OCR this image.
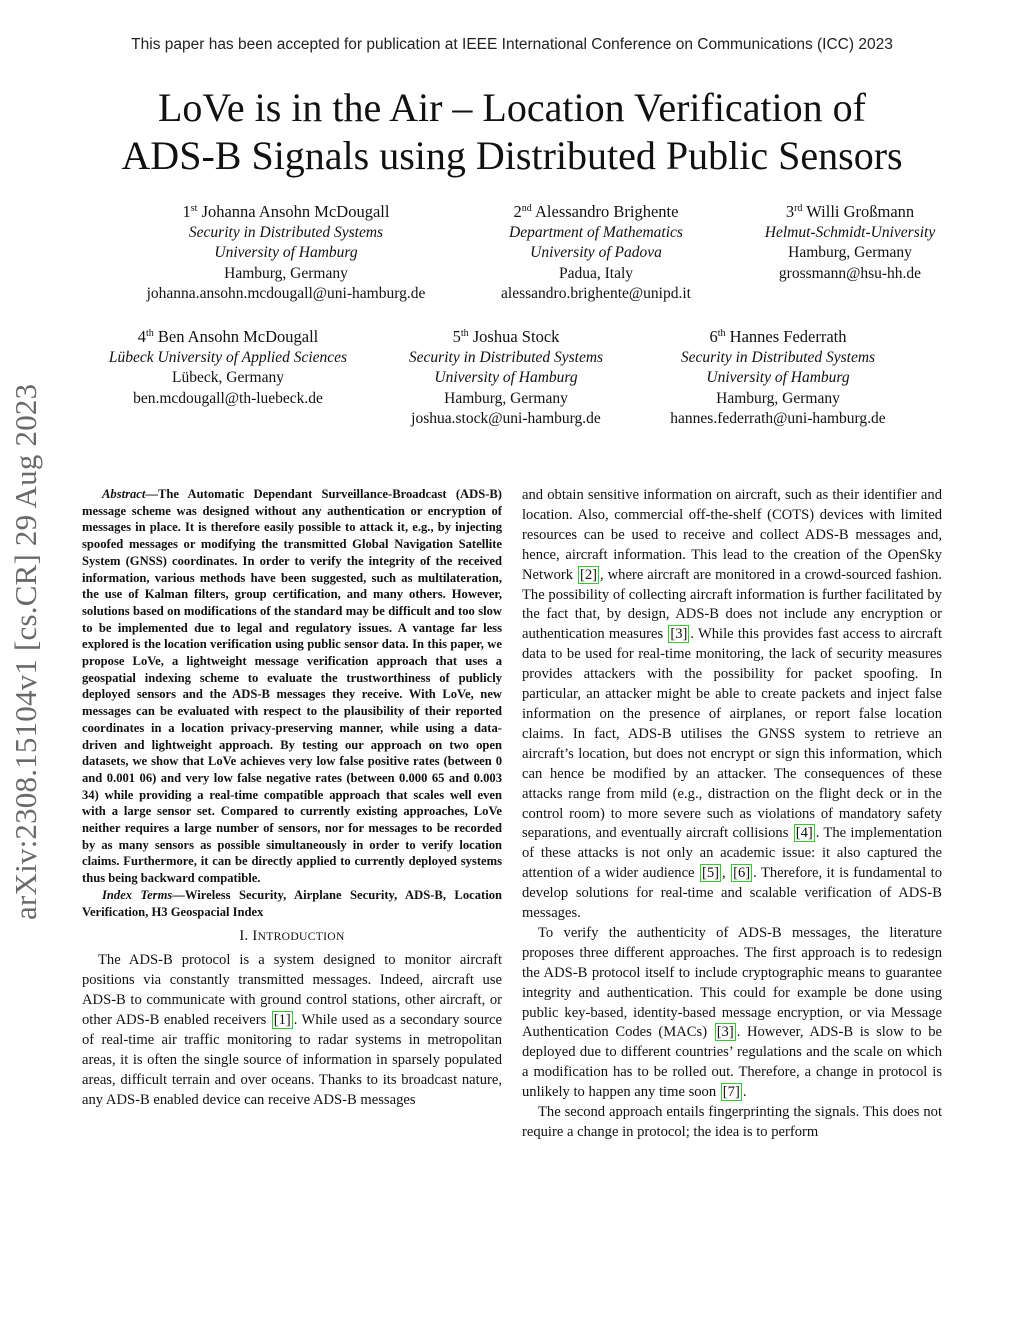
This paper has been accepted for publication at IEEE International Conference on Communications (ICC) 2023
arXiv:2308.15104v1 [cs.CR] 29 Aug 2023
LoVe is in the Air – Location Verification of
ADS-B Signals using Distributed Public Sensors
1st Johanna Ansohn McDougall
Security in Distributed Systems
University of Hamburg
Hamburg, Germany
johanna.ansohn.mcdougall@uni-hamburg.de
2nd Alessandro Brighente
Department of Mathematics
University of Padova
Padua, Italy
alessandro.brighente@unipd.it
3rd Willi Großmann
Helmut-Schmidt-University
Hamburg, Germany
grossmann@hsu-hh.de
4th Ben Ansohn McDougall
Lübeck University of Applied Sciences
Lübeck, Germany
ben.mcdougall@th-luebeck.de
5th Joshua Stock
Security in Distributed Systems
University of Hamburg
Hamburg, Germany
joshua.stock@uni-hamburg.de
6th Hannes Federrath
Security in Distributed Systems
University of Hamburg
Hamburg, Germany
hannes.federrath@uni-hamburg.de

Abstract—The Automatic Dependant Surveillance-Broadcast (ADS-B) message scheme was designed without any authentication or encryption of messages in place. It is therefore easily possible to attack it, e.g., by injecting spoofed messages or modifying the transmitted Global Navigation Satellite System (GNSS) coordinates. In order to verify the integrity of the received information, various methods have been suggested, such as multilateration, the use of Kalman filters, group certification, and many others. However, solutions based on modifications of the standard may be difficult and too slow to be implemented due to legal and regulatory issues. A vantage far less explored is the location verification using public sensor data. In this paper, we propose LoVe, a lightweight message verification approach that uses a geospatial indexing scheme to evaluate the trustworthiness of publicly deployed sensors and the ADS-B messages they receive. With LoVe, new messages can be evaluated with respect to the plausibility of their reported coordinates in a location privacy-preserving manner, while using a data-driven and lightweight approach. By testing our approach on two open datasets, we show that LoVe achieves very low false positive rates (between 0 and 0.001 06) and very low false negative rates (between 0.000 65 and 0.003 34) while providing a real-time compatible approach that scales well even with a large sensor set. Compared to currently existing approaches, LoVe neither requires a large number of sensors, nor for messages to be recorded by as many sensors as possible simultaneously in order to verify location claims. Furthermore, it can be directly applied to currently deployed systems thus being backward compatible.

Index Terms—Wireless Security, Airplane Security, ADS-B, Location Verification, H3 Geospacial Index

I. INTRODUCTION

The ADS-B protocol is a system designed to monitor aircraft positions via constantly transmitted messages. Indeed, aircraft use ADS-B to communicate with ground control stations, other aircraft, or other ADS-B enabled receivers [1] . While used as a secondary source of real-time air traffic monitoring to radar systems in metropolitan areas, it is often the single source of information in sparsely populated areas, difficult terrain and over oceans. Thanks to its broadcast nature, any ADS-B enabled device can receive ADS-B messages

and obtain sensitive information on aircraft, such as their identifier and location. Also, commercial off-the-shelf (COTS) devices with limited resources can be used to receive and collect ADS-B messages and, hence, aircraft information. This lead to the creation of the OpenSky Network [2] , where aircraft are monitored in a crowd-sourced fashion. The possibility of collecting aircraft information is further facilitated by the fact that, by design, ADS-B does not include any encryption or authentication measures [3] . While this provides fast access to aircraft data to be used for real-time monitoring, the lack of security measures provides attackers with the possibility for packet spoofing. In particular, an attacker might be able to create packets and inject false information on the presence of airplanes, or report false location claims. In fact, ADS-B utilises the GNSS system to retrieve an aircraft’s location, but does not encrypt or sign this information, which can hence be modified by an attacker. The consequences of these attacks range from mild (e.g., distraction on the flight deck or in the control room) to more severe such as violations of mandatory safety separations, and eventually aircraft collisions [4] . The implementation of these attacks is not only an academic issue: it also captured the attention of a wider audience [5] , [6] . Therefore, it is fundamental to develop solutions for real-time and scalable verification of ADS-B messages.

To verify the authenticity of ADS-B messages, the literature proposes three different approaches. The first approach is to redesign the ADS-B protocol itself to include cryptographic means to guarantee integrity and authentication. This could for example be done using public key-based, identity-based message encryption, or via Message Authentication Codes (MACs) [3] . However, ADS-B is slow to be deployed due to different countries’ regulations and the scale on which a modification has to be rolled out. Therefore, a change in protocol is unlikely to happen any time soon [7] .

The second approach entails fingerprinting the signals. This does not require a change in protocol; the idea is to perform
